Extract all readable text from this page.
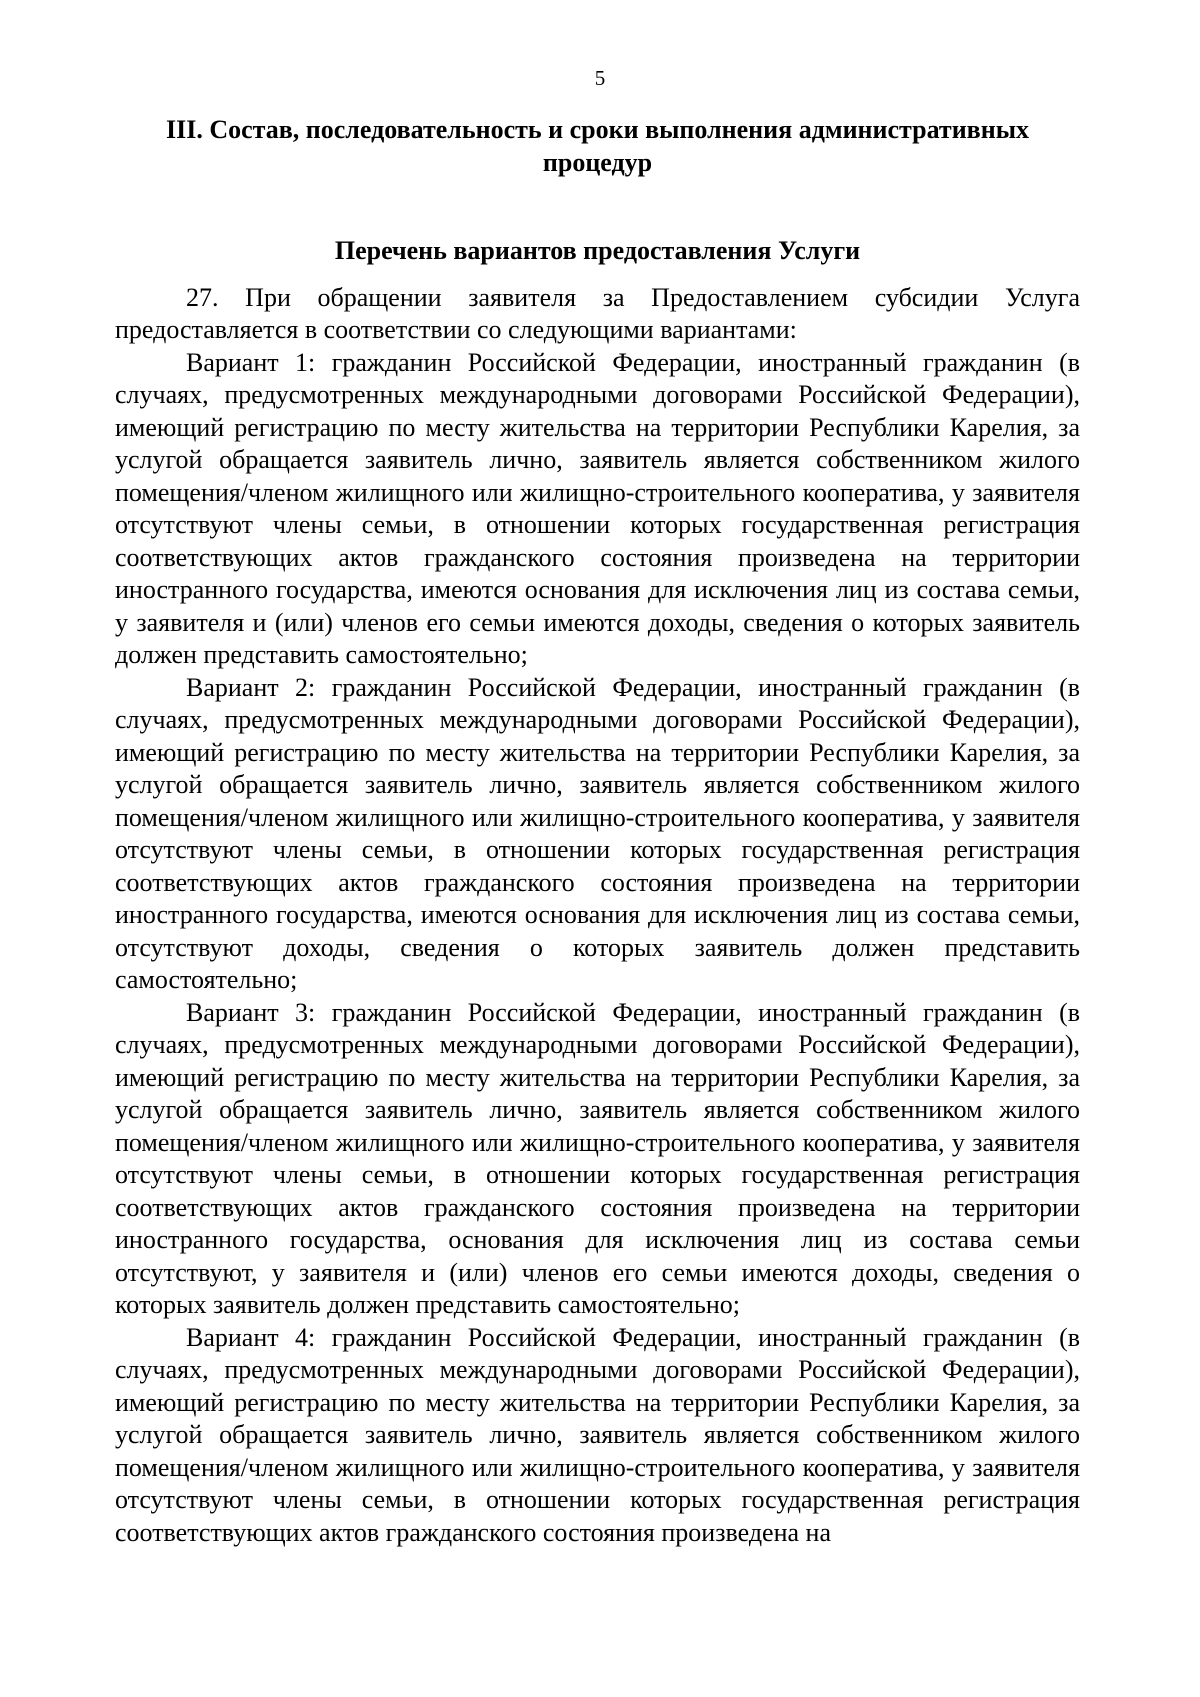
5
III. Состав, последовательность и сроки выполнения административных процедур
Перечень вариантов предоставления Услуги

27. При обращении заявителя за Предоставлением субсидии Услуга предоставляется в соответствии со следующими вариантами:

Вариант 1: гражданин Российской Федерации, иностранный гражданин (в случаях, предусмотренных международными договорами Российской Федерации), имеющий регистрацию по месту жительства на территории Республики Карелия, за услугой обращается заявитель лично, заявитель является собственником жилого помещения/членом жилищного или жилищно-строительного кооператива, у заявителя отсутствуют члены семьи, в отношении которых государственная регистрация соответствующих актов гражданского состояния произведена на территории иностранного государства, имеются основания для исключения лиц из состава семьи, у заявителя и (или) членов его семьи имеются доходы, сведения о которых заявитель должен представить самостоятельно;

Вариант 2: гражданин Российской Федерации, иностранный гражданин (в случаях, предусмотренных международными договорами Российской Федерации), имеющий регистрацию по месту жительства на территории Республики Карелия, за услугой обращается заявитель лично, заявитель является собственником жилого помещения/членом жилищного или жилищно-строительного кооператива, у заявителя отсутствуют члены семьи, в отношении которых государственная регистрация соответствующих актов гражданского состояния произведена на территории иностранного государства, имеются основания для исключения лиц из состава семьи, отсутствуют доходы, сведения о которых заявитель должен представить самостоятельно;

Вариант 3: гражданин Российской Федерации, иностранный гражданин (в случаях, предусмотренных международными договорами Российской Федерации), имеющий регистрацию по месту жительства на территории Республики Карелия, за услугой обращается заявитель лично, заявитель является собственником жилого помещения/членом жилищного или жилищно-строительного кооператива, у заявителя отсутствуют члены семьи, в отношении которых государственная регистрация соответствующих актов гражданского состояния произведена на территории иностранного государства, основания для исключения лиц из состава семьи отсутствуют, у заявителя и (или) членов его семьи имеются доходы, сведения о которых заявитель должен представить самостоятельно;

Вариант 4: гражданин Российской Федерации, иностранный гражданин (в случаях, предусмотренных международными договорами Российской Федерации), имеющий регистрацию по месту жительства на территории Республики Карелия, за услугой обращается заявитель лично, заявитель является собственником жилого помещения/членом жилищного или жилищно-строительного кооператива, у заявителя отсутствуют члены семьи, в отношении которых государственная регистрация соответствующих актов гражданского состояния произведена на
